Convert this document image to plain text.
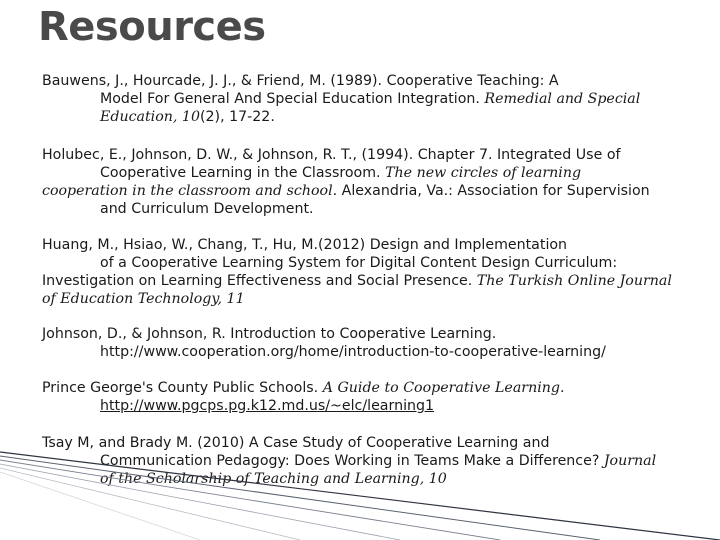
Resources
Bauwens, J., Hourcade, J. J., & Friend, M. (1989). Cooperative Teaching: A
Model For General And Special Education Integration. Remedial and Special
Education, 10(2), 17-22.
Holubec, E., Johnson, D. W., & Johnson, R. T., (1994). Chapter 7. Integrated Use of
Cooperative Learning in the Classroom. The new circles of learning
cooperation in the classroom and school. Alexandria, Va.: Association for Supervision
and Curriculum Development.
Huang, M., Hsiao, W., Chang, T., Hu, M.(2012) Design and Implementation
of a Cooperative Learning System for Digital Content Design Curriculum:
Investigation on Learning Effectiveness and Social Presence. The Turkish Online Journal
of Education Technology, 11
Johnson, D., & Johnson, R. Introduction to Cooperative Learning.
http://www.cooperation.org/home/introduction-to-cooperative-learning/
Prince George's County Public Schools. A Guide to Cooperative Learning.
http://www.pgcps.pg.k12.md.us/~elc/learning1
Tsay M, and Brady M. (2010) A Case Study of Cooperative Learning and
Communication Pedagogy: Does Working in Teams Make a Difference? Journal
of the Scholarship of Teaching and Learning, 10
